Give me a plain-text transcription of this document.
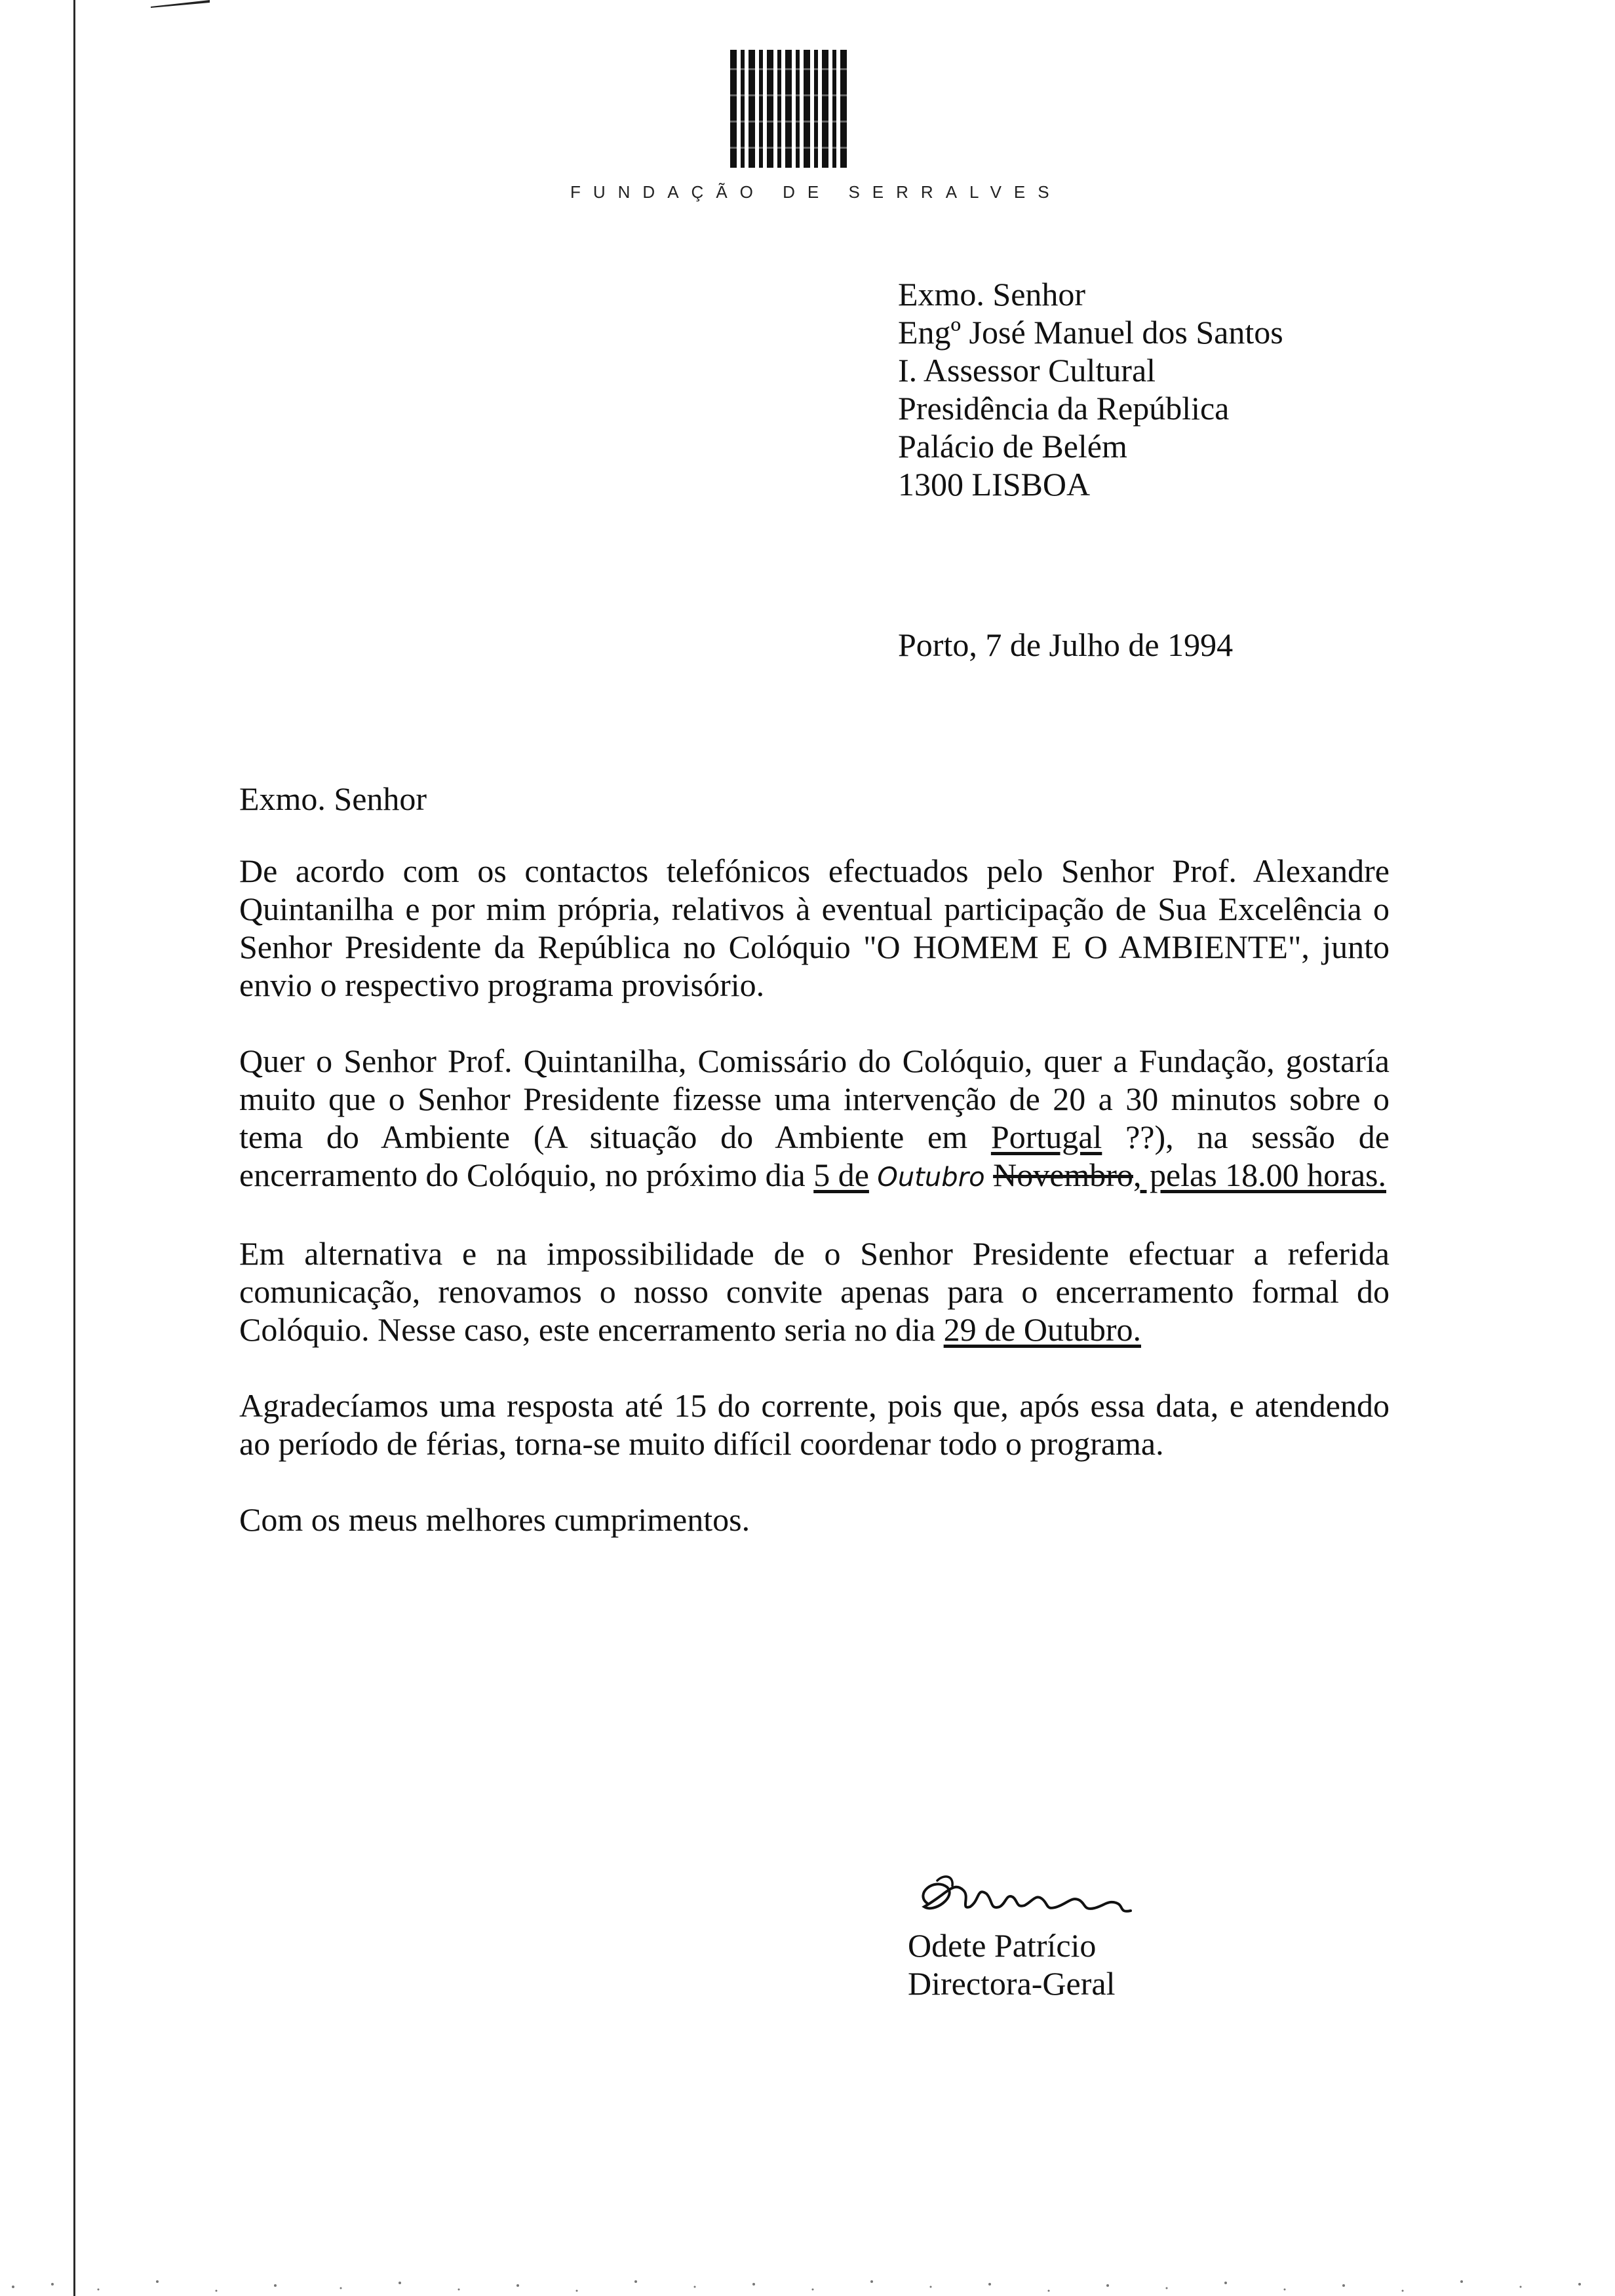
FUNDAÇÃO DE SERRALVES
Exmo. Senhor
Engº José Manuel dos Santos
I. Assessor Cultural
Presidência da República
Palácio de Belém
1300 LISBOA
Porto, 7 de Julho de 1994
Exmo. Senhor

De acordo com os contactos telefónicos efectuados pelo Senhor Prof. Alexandre Quintanilha e por mim própria, relativos à eventual participação de Sua Excelência o Senhor Presidente da República no Colóquio "O HOMEM E O AMBIENTE", junto envio o respectivo programa provisório.

Quer o Senhor Prof. Quintanilha, Comissário do Colóquio, quer a Fundação, gostaría muito que o Senhor Presidente fizesse uma intervenção de 20 a 30 minutos sobre o tema do Ambiente (A situação do Ambiente em Portugal ??), na sessão de encerramento do Colóquio, no próximo dia 5 de Outubro Novembro, pelas 18.00 horas.

Em alternativa e na impossibilidade de o Senhor Presidente efectuar a referida comunicação, renovamos o nosso convite apenas para o encerramento formal do Colóquio. Nesse caso, este encerramento seria no dia 29 de Outubro.

Agradecíamos uma resposta até 15 do corrente, pois que, após essa data, e atendendo ao período de férias, torna-se muito difícil coordenar todo o programa.

Com os meus melhores cumprimentos.

Odete Patrício
Directora-Geral
